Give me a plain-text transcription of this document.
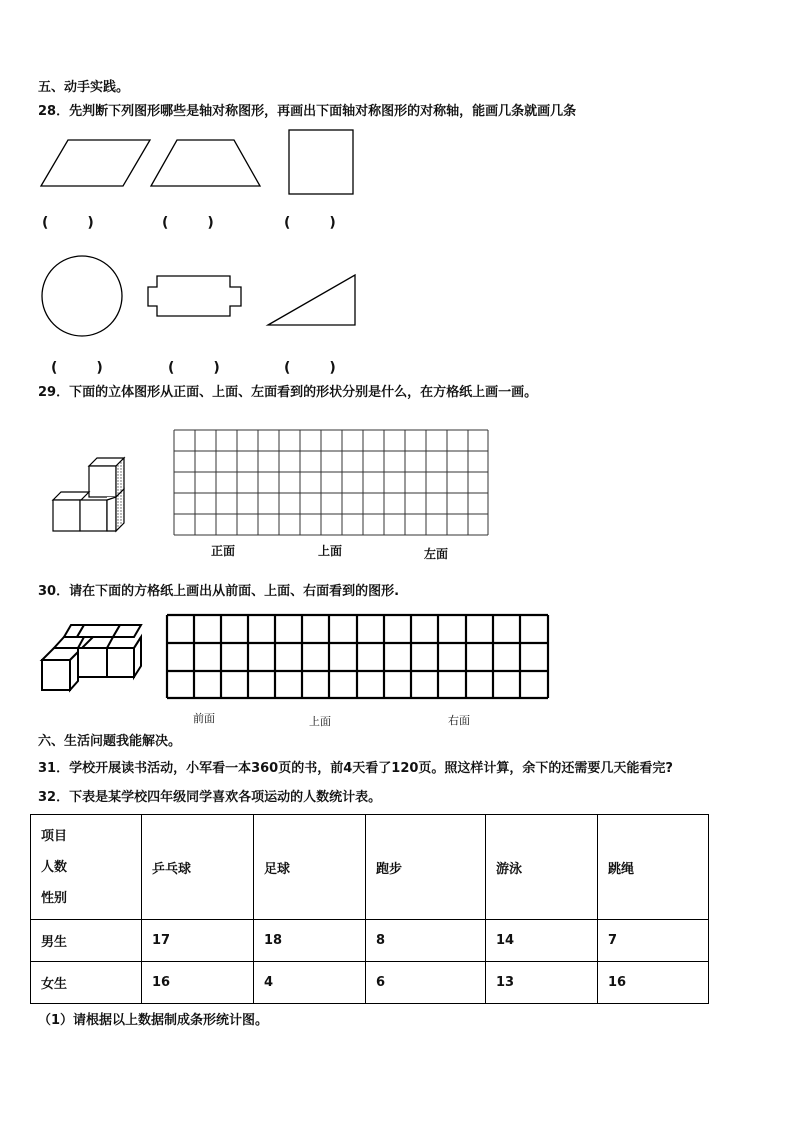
五、动手实践。
28．先判断下列图形哪些是轴对称图形，再画出下面轴对称图形的对称轴，能画几条就画几条
(        )	(        )	(        )
(        )	(        )	(        )
29．下面的立体图形从正面、上面、左面看到的形状分别是什么，在方格纸上画一画。
正面	上面	左面
30．请在下面的方格纸上画出从前面、上面、右面看到的图形.
前面	上面	右面
六、生活问题我能解决。
31．学校开展读书活动，小军看一本360页的书，前4天看了120页。照这样计算，余下的还需要几天能看完?
32．下表是某学校四年级同学喜欢各项运动的人数统计表。
项目
人数
性别	乒乓球	足球	跑步	游泳	跳绳
男生	17	18	8	14	7
女生	16	4	6	13	16
（1）请根据以上数据制成条形统计图。
